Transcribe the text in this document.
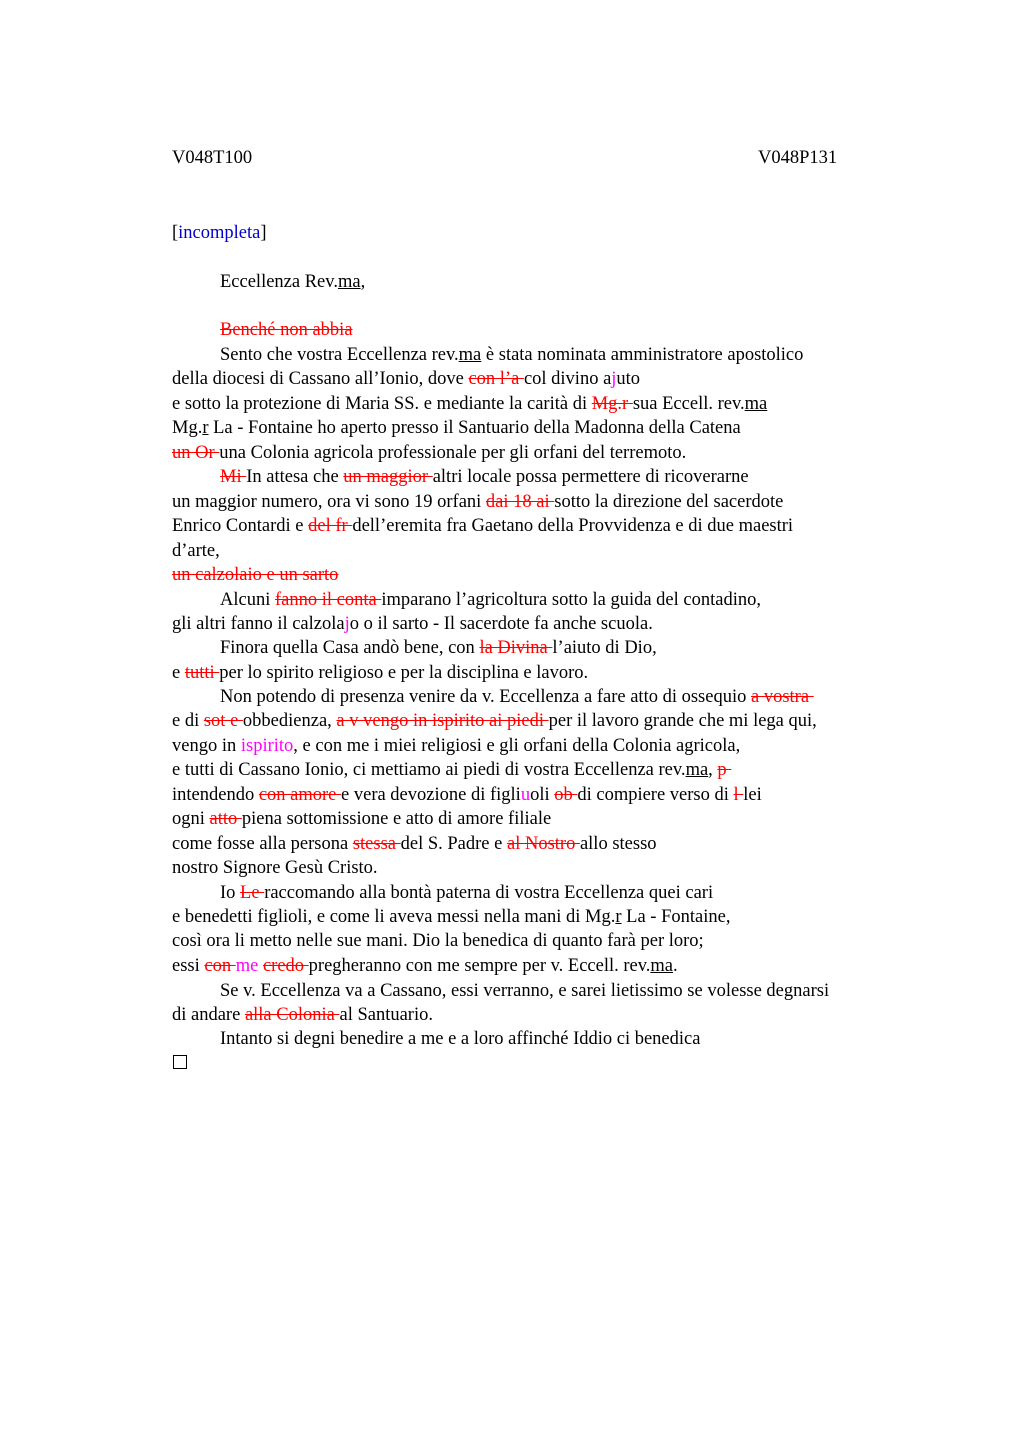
V048T100	V048P131
[incompleta]
Eccellenza Rev.ma,
Benché non abbia
Sento che vostra Eccellenza rev.ma è stata nominata amministratore apostolico
della diocesi di Cassano all’Ionio, dove con l’a col divino ajuto
e sotto la protezione di Maria SS. e mediante la carità di Mg.r sua Eccell. rev.ma
Mg.r La - Fontaine ho aperto presso il Santuario della Madonna della Catena
un Or una Colonia agricola professionale per gli orfani del terremoto.
Mi In attesa che un maggior altri locale possa permettere di ricoverarne
un maggior numero, ora vi sono 19 orfani dai 18 ai sotto la direzione del sacerdote
Enrico Contardi e del fr dell’eremita fra Gaetano della Provvidenza e di due maestri
d’arte,
un calzolaio e un sarto
Alcuni fanno il conta imparano l’agricoltura sotto la guida del contadino,
gli altri fanno il calzolajo o il sarto - Il sacerdote fa anche scuola.
Finora quella Casa andò bene, con la Divina l’aiuto di Dio,
e tutti per lo spirito religioso e per la disciplina e lavoro.
Non potendo di presenza venire da v. Eccellenza a fare atto di ossequio a vostra
e di sot e obbedienza, a v vengo in ispirito ai piedi per il lavoro grande che mi lega qui,
vengo in ispirito, e con me i miei religiosi e gli orfani della Colonia agricola,
e tutti di Cassano Ionio, ci mettiamo ai piedi di vostra Eccellenza rev.ma, p
intendendo con amore e vera devozione di figliuoli ob di compiere verso di l lei
ogni atto piena sottomissione e atto di amore filiale
come fosse alla persona stessa del S. Padre e al Nostro allo stesso
nostro Signore Gesù Cristo.
Io Le raccomando alla bontà paterna di vostra Eccellenza quei cari
e benedetti figlioli, e come li aveva messi nella mani di Mg.r La - Fontaine,
così ora li metto nelle sue mani. Dio la benedica di quanto farà per loro;
essi con me credo pregheranno con me sempre per v. Eccell. rev.ma.
Se v. Eccellenza va a Cassano, essi verranno, e sarei lietissimo se volesse degnarsi
di andare alla Colonia al Santuario.
Intanto si degni benedire a me e a loro affinché Iddio ci benedica
